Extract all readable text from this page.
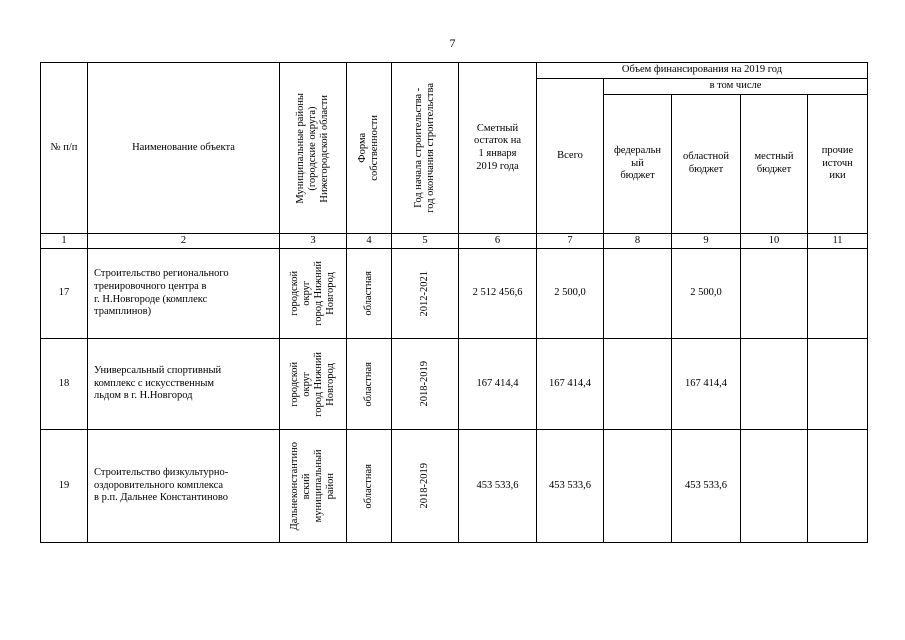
7
№ п/п	Наименование объекта	Муниципальные районы
(городские округа)
Нижегородской области	Форма
собственности	Год начала строительства -
год окончания строительства	Сметный
остаток на
1 января
2019 года	Объем финансирования на 2019 год				
						Всего	в том числе			
							федеральн
ый
бюджет	областной
бюджет	местный
бюджет	прочие
источн
ики
1	2	3	4	5	6	7	8	9	10	11
17	Строительство регионального
тренировочного центра в
г. Н.Новгороде (комплекс
трамплинов)	городской
округ
город Нижний
Новгород	областная	2012-2021	2 512 456,6	2 500,0		2 500,0		
18	Универсальный спортивный
комплекс с искусственным
льдом в г. Н.Новгород	городской
округ
город Нижний
Новгород	областная	2018-2019	167 414,4	167 414,4		167 414,4		
19	Строительство физкультурно-
оздоровительного комплекса
в р.п. Дальнее Константиново	Дальнеконстантино
вский
муниципальный
район	областная	2018-2019	453 533,6	453 533,6		453 533,6		
